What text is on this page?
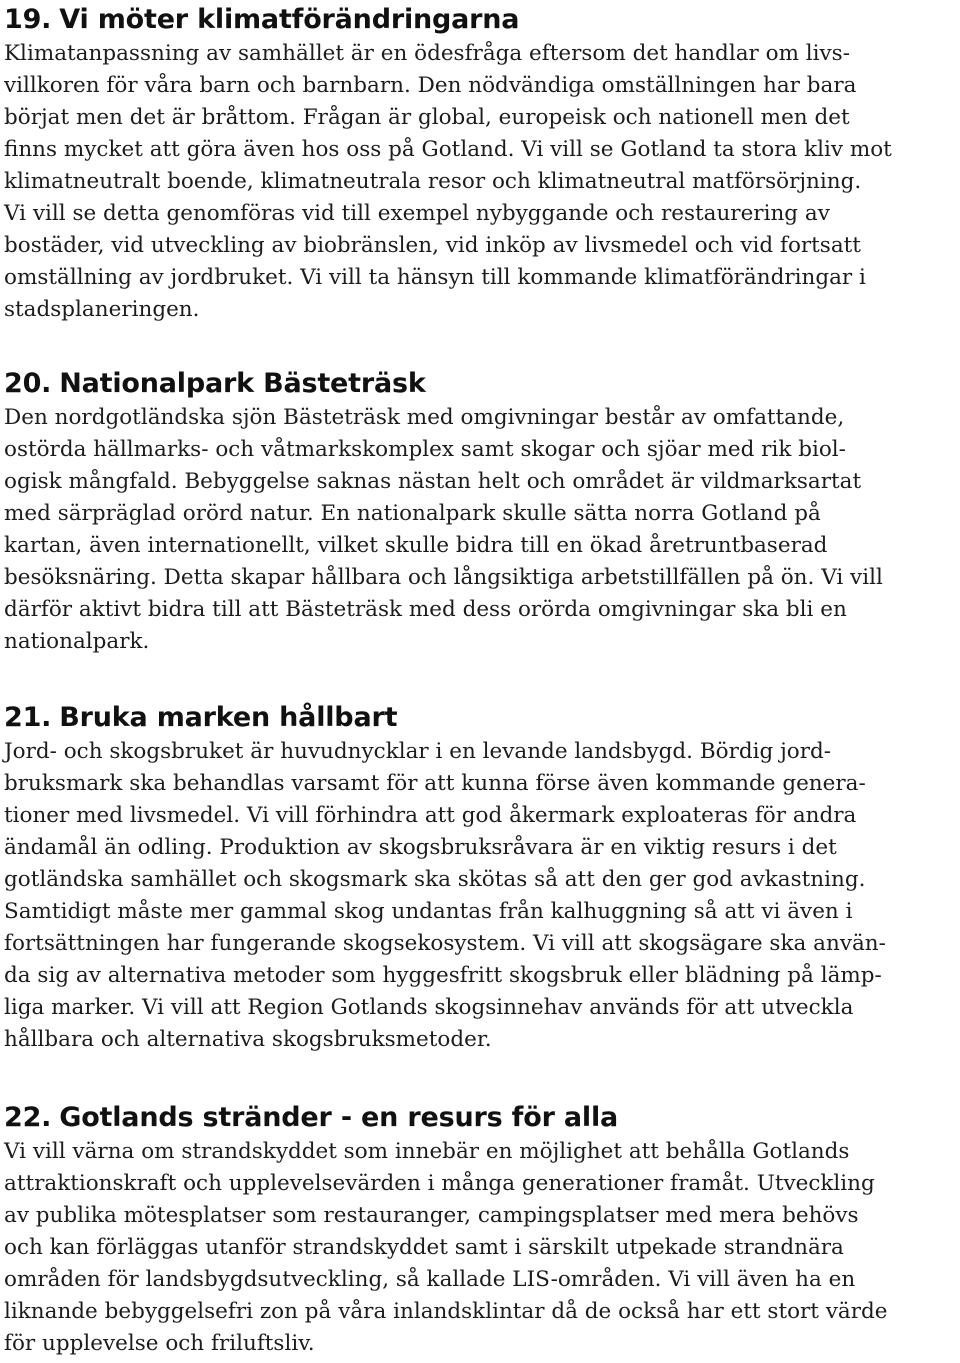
19. Vi möter klimatförändringarna
Klimatanpassning av samhället är en ödesfråga eftersom det handlar om livs-
villkoren för våra barn och barnbarn. Den nödvändiga omställningen har bara
börjat men det är bråttom. Frågan är global, europeisk och nationell men det
finns mycket att göra även hos oss på Gotland. Vi vill se Gotland ta stora kliv mot
klimatneutralt boende, klimatneutrala resor och klimatneutral matförsörjning.
Vi vill se detta genomföras vid till exempel nybyggande och restaurering av
bostäder, vid utveckling av biobränslen, vid inköp av livsmedel och vid fortsatt
omställning av jordbruket. Vi vill ta hänsyn till kommande klimatförändringar i
stadsplaneringen.
20. Nationalpark Bästeträsk
Den nordgotländska sjön Bästeträsk med omgivningar består av omfattande,
ostörda hällmarks- och våtmarkskomplex samt skogar och sjöar med rik biol-
ogisk mångfald. Bebyggelse saknas nästan helt och området är vildmarksartat
med särpräglad orörd natur. En nationalpark skulle sätta norra Gotland på
kartan, även internationellt, vilket skulle bidra till en ökad åretruntbaserad
besöksnäring. Detta skapar hållbara och långsiktiga arbetstillfällen på ön. Vi vill
därför aktivt bidra till att Bästeträsk med dess orörda omgivningar ska bli en
nationalpark.
21. Bruka marken hållbart
Jord- och skogsbruket är huvudnycklar i en levande landsbygd. Bördig jord-
bruksmark ska behandlas varsamt för att kunna förse även kommande genera-
tioner med livsmedel. Vi vill förhindra att god åkermark exploateras för andra
ändamål än odling. Produktion av skogsbruksråvara är en viktig resurs i det
gotländska samhället och skogsmark ska skötas så att den ger god avkastning.
Samtidigt måste mer gammal skog undantas från kalhuggning så att vi även i
fortsättningen har fungerande skogsekosystem. Vi vill att skogsägare ska använ-
da sig av alternativa metoder som hyggesfritt skogsbruk eller blädning på lämp-
liga marker. Vi vill att Region Gotlands skogsinnehav används för att utveckla
hållbara och alternativa skogsbruksmetoder.
22. Gotlands stränder - en resurs för alla
Vi vill värna om strandskyddet som innebär en möjlighet att behålla Gotlands
attraktionskraft och upplevelsevärden i många generationer framåt. Utveckling
av publika mötesplatser som restauranger, campingsplatser med mera behövs
och kan förläggas utanför strandskyddet samt i särskilt utpekade strandnära
områden för landsbygdsutveckling, så kallade LIS-områden. Vi vill även ha en
liknande bebyggelsefri zon på våra inlandsklintar då de också har ett stort värde
för upplevelse och friluftsliv.
